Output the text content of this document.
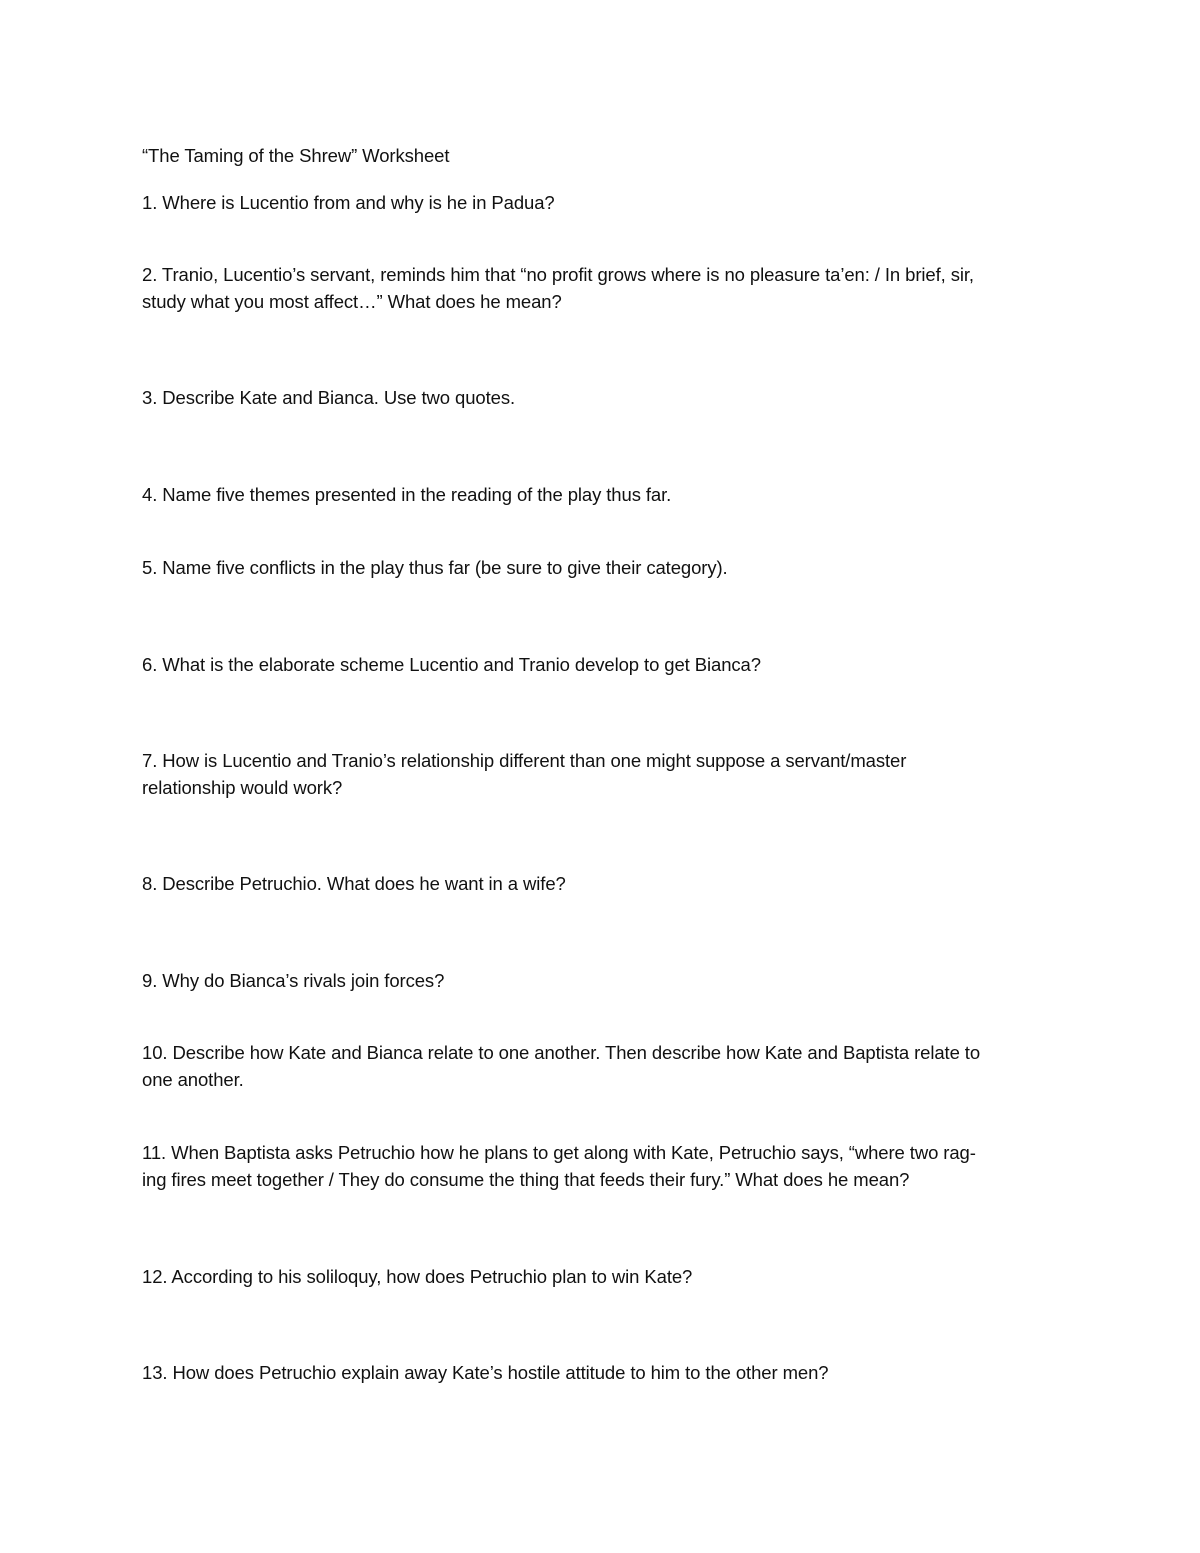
“The Taming of the Shrew” Worksheet
1. Where is Lucentio from and why is he in Padua?
2. Tranio, Lucentio’s servant, reminds him that “no profit grows where is no pleasure ta’en: / In brief, sir,
study what you most affect…” What does he mean?
3. Describe Kate and Bianca. Use two quotes.
4. Name five themes presented in the reading of the play thus far.
5. Name five conflicts in the play thus far (be sure to give their category).
6. What is the elaborate scheme Lucentio and Tranio develop to get Bianca?
7. How is Lucentio and Tranio’s relationship different than one might suppose a servant/master
relationship would work?
8. Describe Petruchio. What does he want in a wife?
9. Why do Bianca’s rivals join forces?
10. Describe how Kate and Bianca relate to one another. Then describe how Kate and Baptista relate to
one another.
11. When Baptista asks Petruchio how he plans to get along with Kate, Petruchio says, “where two rag-
ing fires meet together / They do consume the thing that feeds their fury.” What does he mean?
12. According to his soliloquy, how does Petruchio plan to win Kate?
13. How does Petruchio explain away Kate’s hostile attitude to him to the other men?
